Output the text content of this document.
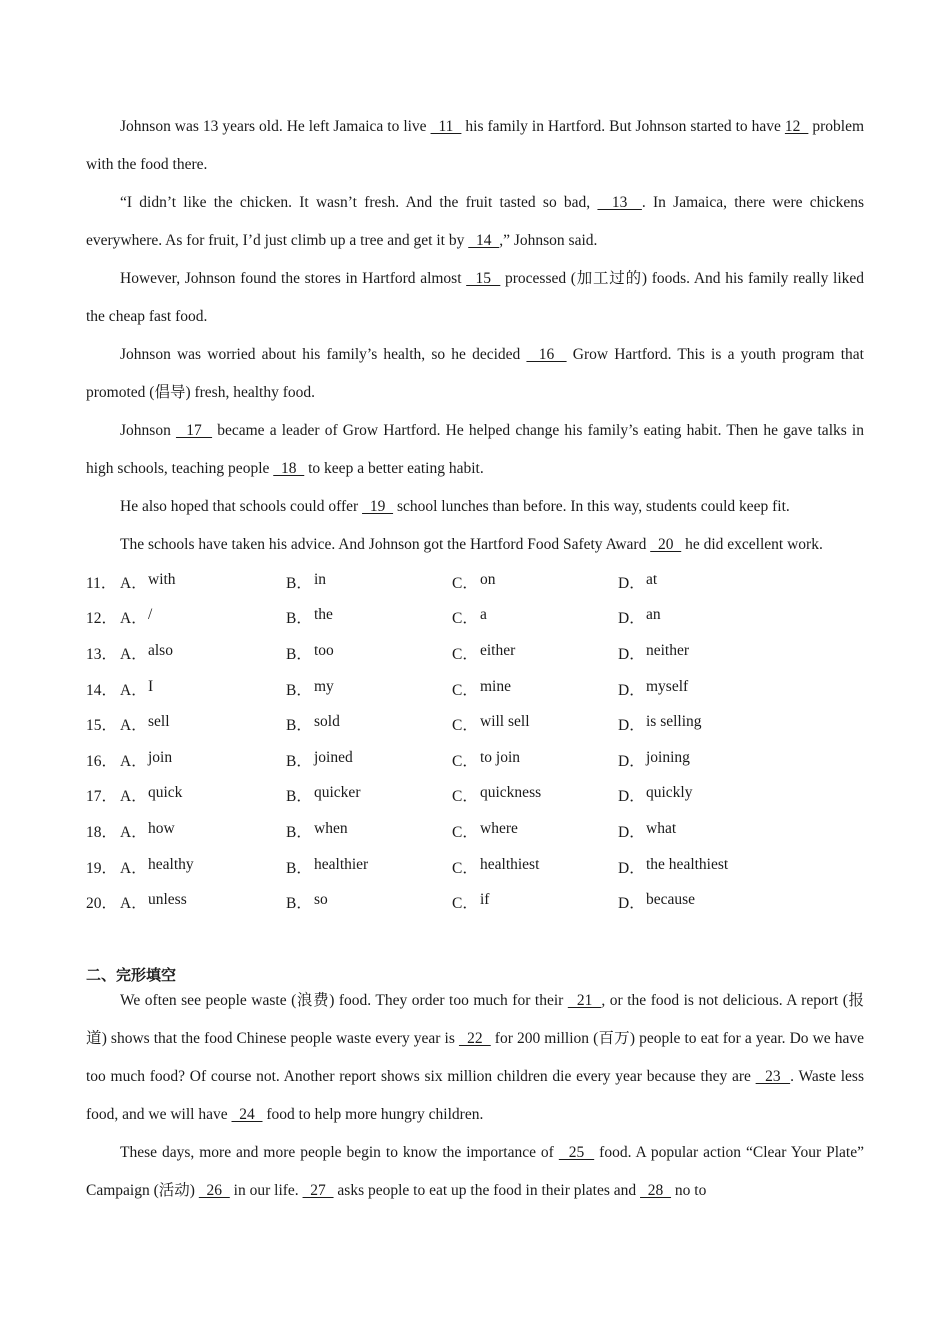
Johnson was 13 years old. He left Jamaica to live   11   his family in Hartford. But Johnson started to have 12   problem with the food there.

“I didn’t like the chicken. It wasn’t fresh. And the fruit tasted so bad,   13  . In Jamaica, there were chickens everywhere. As for fruit, I’d just climb up a tree and get it by   14  ,” Johnson said.

However, Johnson found the stores in Hartford almost   15   processed (加工过的) foods. And his family really liked the cheap fast food.

Johnson was worried about his family’s health, so he decided   16   Grow Hartford. This is a youth program that promoted (倡导) fresh, healthy food.

Johnson   17   became a leader of Grow Hartford. He helped change his family’s eating habit. Then he gave talks in high schools, teaching people   18   to keep a better eating habit.

He also hoped that schools could offer   19   school lunches than before. In this way, students could keep fit.

The schools have taken his advice. And Johnson got the Hartford Food Safety Award   20   he did excellent work.

11． A． with	B． in	C． on	D． at
12． A． /	B． the	C． a	D． an
13． A． also	B． too	C． either	D． neither
14． A． I	B． my	C． mine	D． myself
15． A． sell	B． sold	C． will sell	D． is selling
16． A． join	B． joined	C． to join	D． joining
17． A． quick	B． quicker	C． quickness	D． quickly
18． A． how	B． when	C． where	D． what
19． A． healthy	B． healthier	C． healthiest	D． the healthiest
20． A． unless	B． so	C． if	D． because
二、完形填空

We often see people waste (浪费) food. They order too much for their   21  , or the food is not delicious. A report (报道) shows that the food Chinese people waste every year is   22   for 200 million (百万) people to eat for a year. Do we have too much food? Of course not. Another report shows six million children die every year because they are   23  . Waste less food, and we will have   24   food to help more hungry children.

These days, more and more people begin to know the importance of   25   food. A popular action “Clear Your Plate” Campaign (活动)   26   in our life.   27   asks people to eat up the food in their plates and   28   no to
